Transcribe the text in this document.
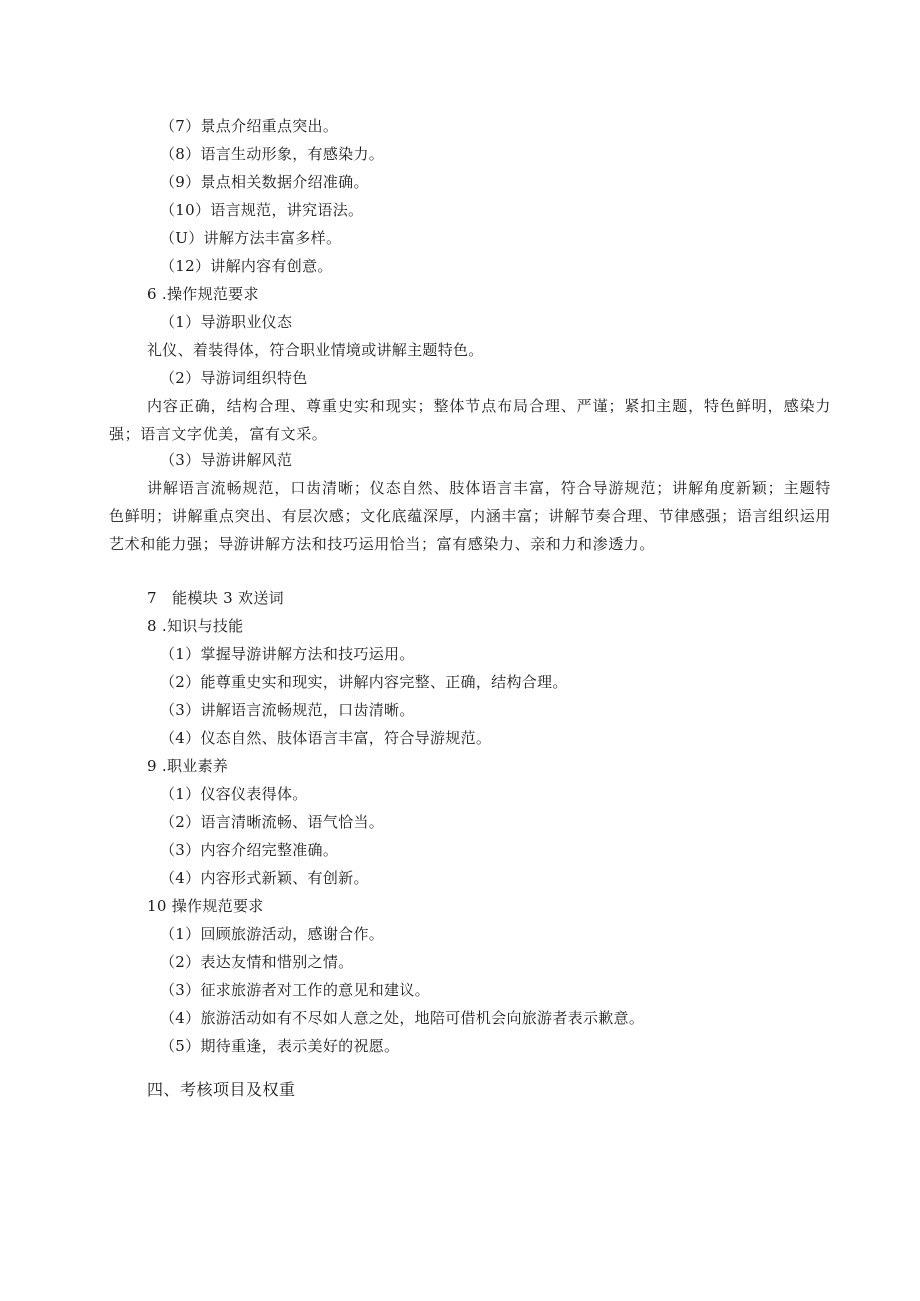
（7）景点介绍重点突出。
（8）语言生动形象，有感染力。
（9）景点相关数据介绍准确。
（10）语言规范，讲究语法。
（U）讲解方法丰富多样。
（12）讲解内容有创意。
6 .操作规范要求
（1）导游职业仪态
礼仪、着装得体，符合职业情境或讲解主题特色。
（2）导游词组织特色
内容正确，结构合理、尊重史实和现实；整体节点布局合理、严谨；紧扣主题，特色鲜明，感染力强；语言文字优美，富有文采。
（3）导游讲解风范
讲解语言流畅规范，口齿清晰；仪态自然、肢体语言丰富，符合导游规范；讲解角度新颖；主题特色鲜明；讲解重点突出、有层次感；文化底蕴深厚，内涵丰富；讲解节奏合理、节律感强；语言组织运用艺术和能力强；导游讲解方法和技巧运用恰当；富有感染力、亲和力和渗透力。
7　能模块 3 欢送词
8 .知识与技能
（1）掌握导游讲解方法和技巧运用。
（2）能尊重史实和现实，讲解内容完整、正确，结构合理。
（3）讲解语言流畅规范，口齿清晰。
（4）仪态自然、肢体语言丰富，符合导游规范。
9 .职业素养
（1）仪容仪表得体。
（2）语言清晰流畅、语气恰当。
（3）内容介绍完整准确。
（4）内容形式新颖、有创新。
10 操作规范要求
（1）回顾旅游活动，感谢合作。
（2）表达友情和惜别之情。
（3）征求旅游者对工作的意见和建议。
（4）旅游活动如有不尽如人意之处，地陪可借机会向旅游者表示歉意。
（5）期待重逢，表示美好的祝愿。
四、考核项目及权重
